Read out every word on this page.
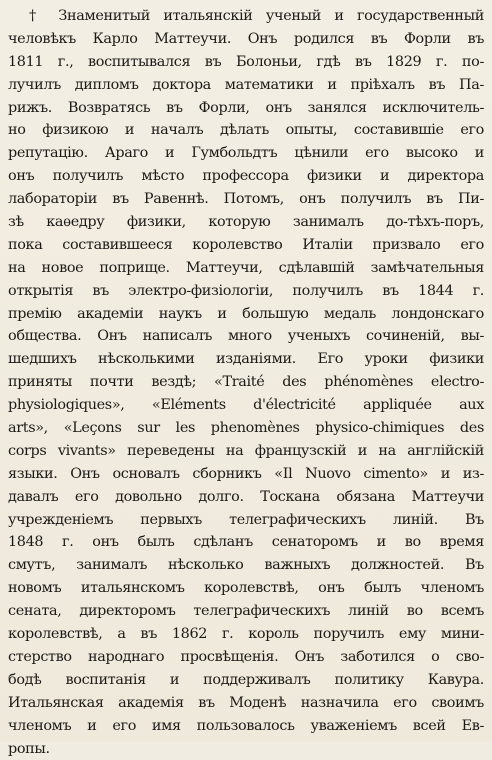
† Знаменитый итальянскій ученый и государственный
человѣкъ Карло Маттеучи. Онъ родился въ Форли въ
1811 г., воспитывался въ Болоньи, гдѣ въ 1829 г. по-
лучилъ дипломъ доктора математики и пріѣхалъ въ Па-
рижъ. Возвратясь въ Форли, онъ занялся исключитель-
но физикою и началъ дѣлать опыты, составившіе его
репутацію. Араго и Гумбольдтъ цѣнили его высоко и
онъ получилъ мѣсто профессора физики и директора
лабораторіи въ Равеннѣ. Потомъ, онъ получилъ въ Пи-
зѣ каѳедру физики, которую занималъ до-тѣхъ-поръ,
пока составившееся королевство Италіи призвало его
на новое поприще. Маттеучи, сдѣлавшій замѣчательныя
открытія въ электро-физіологіи, получилъ въ 1844 г.
премію академіи наукъ и большую медаль лондонскаго
общества. Онъ написалъ много ученыхъ сочиненій, вы-
шедшихъ нѣсколькими изданіями. Его уроки физики
приняты почти вездѣ; «Traité des phénomènes electro-
physiologiques», «Eléments d'électricité appliquée aux
arts», «Leçons sur les phenomènes physico-chimiques des
corps vivants» переведены на французскій и на англійскій
языки. Онъ основалъ сборникъ «Il Nuovo cimento» и из-
давалъ его довольно долго. Тоскана обязана Маттеучи
учрежденіемъ первыхъ телеграфическихъ линій. Въ
1848 г. онъ былъ сдѣланъ сенаторомъ и во время
смутъ, занималъ нѣсколько важныхъ должностей. Въ
новомъ итальянскомъ королевствѣ, онъ былъ членомъ
сената, директоромъ телеграфическихъ линій во всемъ
королевствѣ, а въ 1862 г. король поручилъ ему мини-
стерство народнаго просвѣщенія. Онъ заботился о сво-
бодѣ воспитанія и поддерживалъ политику Кавура.
Итальянская академія въ Моденѣ назначила его своимъ
членомъ и его имя пользовалось уваженіемъ всей Ев-
ропы.
